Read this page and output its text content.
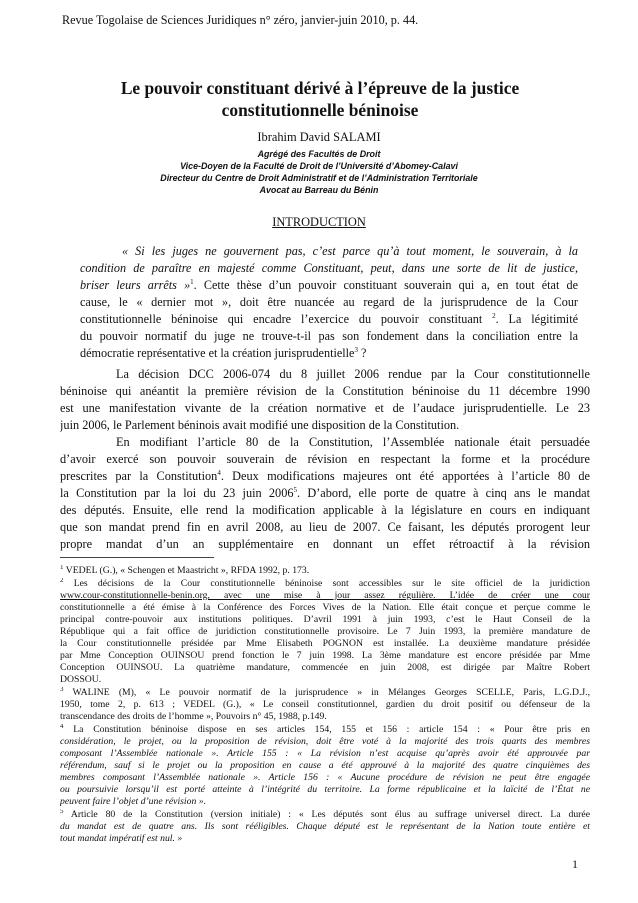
Revue Togolaise de Sciences Juridiques n° zéro, janvier-juin 2010, p. 44.
Le pouvoir constituant dérivé à l’épreuve de la justice
constitutionnelle béninoise
Ibrahim David SALAMI
Agrégé des Facultés de Droit
Vice-Doyen de la Faculté de Droit de l’Université d’Abomey-Calavi
Directeur du Centre de Droit Administratif et de l’Administration Territoriale
Avocat au Barreau du Bénin
INTRODUCTION
« Si les juges ne gouvernent pas, c’est parce qu’à tout moment, le souverain, à la
condition de paraître en majesté comme Constituant, peut, dans une sorte de lit de justice,
briser leurs arrêts »$^1$. Cette thèse d’un pouvoir constituant souverain qui a, en tout état de
cause, le « dernier mot », doit être nuancée au regard de la jurisprudence de la Cour
constitutionnelle béninoise qui encadre l’exercice du pouvoir constituant $^2$. La légitimité
du pouvoir normatif du juge ne trouve-t-il pas son fondement dans la conciliation entre la
démocratie représentative et la création jurisprudentielle$^3$ ?
La décision DCC 2006-074 du 8 juillet 2006 rendue par la Cour constitutionnelle
béninoise qui anéantit la première révision de la Constitution béninoise du 11 décembre 1990
est une manifestation vivante de la création normative et de l’audace jurisprudentielle. Le 23
juin 2006, le Parlement béninois avait modifié une disposition de la Constitution.
En modifiant l’article 80 de la Constitution, l’Assemblée nationale était persuadée
d’avoir exercé son pouvoir souverain de révision en respectant la forme et la procédure
prescrites par la Constitution$^4$. Deux modifications majeures ont été apportées à l’article 80 de
la Constitution par la loi du 23 juin 2006$^5$. D’abord, elle porte de quatre à cinq ans le mandat
des députés. Ensuite, elle rend la modification applicable à la législature en cours en indiquant
que son mandat prend fin en avril 2008, au lieu de 2007. Ce faisant, les députés prorogent leur
propre mandat d’un an supplémentaire en donnant un effet rétroactif à la révision
$^1$ VEDEL (G.), « Schengen et Maastricht », RFDA 1992, p. 173.
$^2$ Les décisions de la Cour constitutionnelle béninoise sont accessibles sur le site officiel de la juridiction
www.cour-constitutionnelle-benin.org, avec une mise à jour assez régulière. L’idée de créer une cour
constitutionnelle a été émise à la Conférence des Forces Vives de la Nation. Elle était conçue et perçue comme le
principal contre-pouvoir aux institutions politiques. D’avril 1991 à juin 1993, c’est le Haut Conseil de la
République qui a fait office de juridiction constitutionnelle provisoire. Le 7 Juin 1993, la première mandature de
la Cour constitutionnelle présidée par Mme Elisabeth POGNON est installée. La deuxième mandature présidée
par Mme Conception OUINSOU prend fonction le 7 juin 1998. La 3ème mandature est encore présidée par Mme
Conception OUINSOU. La quatrième mandature, commencée en juin 2008, est dirigée par Maître Robert
DOSSOU.
$^3$ WALINE (M), « Le pouvoir normatif de la jurisprudence » in Mélanges Georges SCELLE, Paris, L.G.D.J.,
1950, tome 2, p. 613 ; VEDEL (G.), « Le conseil constitutionnel, gardien du droit positif ou défenseur de la
transcendance des droits de l’homme », Pouvoirs n° 45, 1988, p.149.
$^4$ La Constitution béninoise dispose en ses articles 154, 155 et 156 : article 154 : « Pour être pris en
considération, le projet, ou la proposition de révision, doit être voté à la majorité des trois quarts des membres
composant l’Assemblée nationale ». Article 155 : « La révision n’est acquise qu’après avoir été approuvée par
référendum, sauf si le projet ou la proposition en cause a été approuvé à la majorité des quatre cinquièmes des
membres composant l’Assemblée nationale ». Article 156 : « Aucune procédure de révision ne peut être engagée
ou poursuivie lorsqu’il est porté atteinte à l’intégrité du territoire. La forme républicaine et la laïcité de l’État ne
peuvent faire l’objet d’une révision ».
$^5$ Article 80 de la Constitution (version initiale) : « Les députés sont élus au suffrage universel direct. La durée
du mandat est de quatre ans. Ils sont rééligibles. Chaque député est le représentant de la Nation toute entière et
tout mandat impératif est nul. »
1
